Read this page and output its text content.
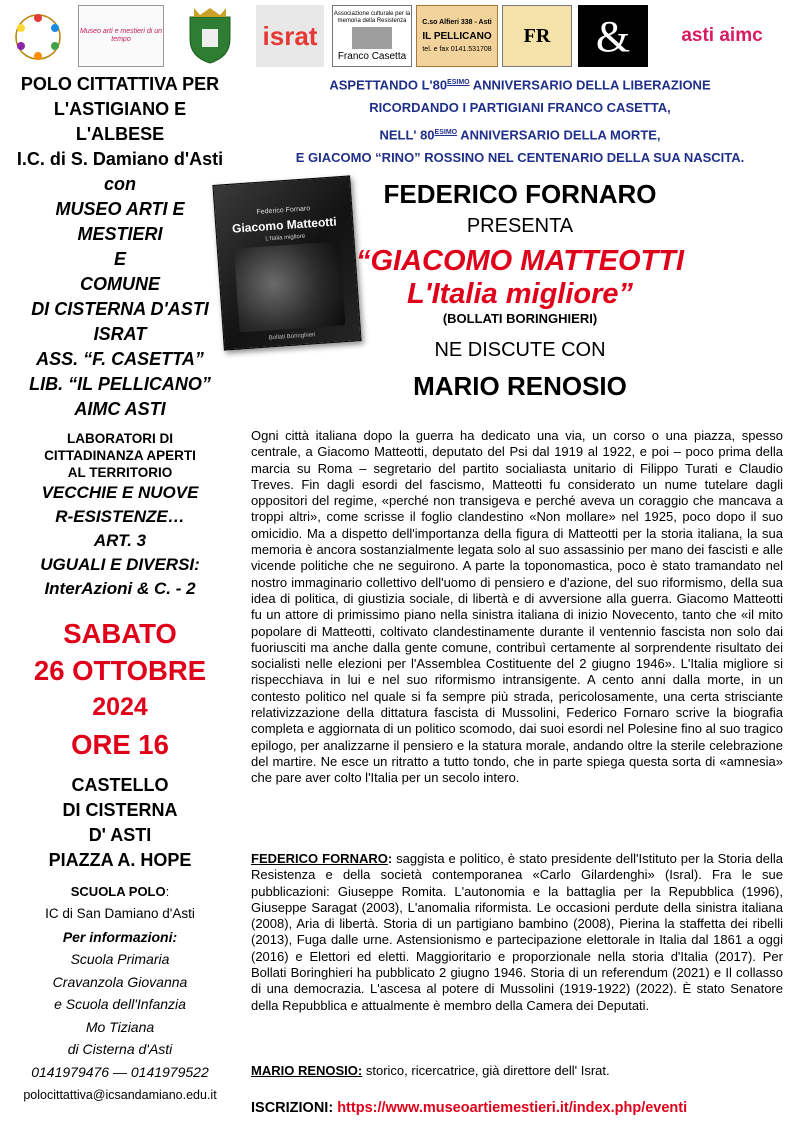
Museo arti e mestieri di un tempo	israt
Associazione culturale per la memoria della Resistenza
Franco Casetta
C.so Alfieri 338 - Asti
IL PELLICANO
tel. e fax 0141.531708
FR &	asti aimc
POLO CITTATTIVA PER
L'ASTIGIANO E
L'ALBESE
I.C. di S. Damiano d'Asti
con
MUSEO ARTI E
MESTIERI
E
COMUNE
DI CISTERNA D'ASTI
ISRAT
ASS. “F. CASETTA”
LIB. “IL PELLICANO”
AIMC ASTI
LABORATORI DI
CITTADINANZA APERTI
AL TERRITORIO
VECCHIE E NUOVE
R-ESISTENZE…
ART. 3
UGUALI E DIVERSI:
InterAzioni & C. - 2
SABATO
26 OTTOBRE
2024
ORE 16
CASTELLO
DI CISTERNA
D' ASTI
PIAZZA A. HOPE
SCUOLA POLO:
IC di San Damiano d'Asti
Per informazioni:
Scuola Primaria
Cravanzola Giovanna
e Scuola dell'Infanzia
Mo Tiziana
di Cisterna d'Asti
0141979476 — 0141979522
polocittattiva@icsandamiano.edu.it
ASPETTANDO $L'80^{ESIMO}$ ANNIVERSARIO DELLA LIBERAZIONE
RICORDANDO I PARTIGIANI FRANCO CASETTA,
NELL' $80^{ESIMO}$ ANNIVERSARIO DELLA MORTE,
E GIACOMO “RINO” ROSSINO NEL CENTENARIO DELLA SUA NASCITA.
Federico Fornaro
Giacomo Matteotti
L'Italia migliore
Bollati Boringhieri
FEDERICO FORNARO
PRESENTA
“GIACOMO MATTEOTTI
L'Italia migliore”
(BOLLATI BORINGHIERI)
NE DISCUTE CON
MARIO RENOSIO
Ogni città italiana dopo la guerra ha dedicato una via, un corso o una piazza, spesso centrale, a Giacomo Matteotti, deputato del Psi dal 1919 al 1922, e poi – poco prima della marcia su Roma – segretario del partito socialiasta unitario di Filippo Turati e Claudio Treves. Fin dagli esordi del fascismo, Matteotti fu considerato un nume tutelare dagli oppositori del regime, «perché non transigeva e perché aveva un coraggio che mancava a troppi altri», come scrisse il foglio clandestino «Non mollare» nel 1925, poco dopo il suo omicidio. Ma a dispetto dell'importanza della figura di Matteotti per la storia italiana, la sua memoria è ancora sostanzialmente legata solo al suo assassinio per mano dei fascisti e alle vicende politiche che ne seguirono. A parte la toponomastica, poco è stato tramandato nel nostro immaginario collettivo dell'uomo di pensiero e d'azione, del suo riformismo, della sua idea di politica, di giustizia sociale, di libertà e di avversione alla guerra. Giacomo Matteotti fu un attore di primissimo piano nella sinistra italiana di inizio Novecento, tanto che «il mito popolare di Matteotti, coltivato clandestinamente durante il ventennio fascista non solo dai fuoriusciti ma anche dalla gente comune, contribuì certamente al sorprendente risultato dei socialisti nelle elezioni per l'Assemblea Costituente del 2 giugno 1946». L'Italia migliore si rispecchiava in lui e nel suo riformismo intransigente. A cento anni dalla morte, in un contesto politico nel quale si fa sempre più strada, pericolosamente, una certa strisciante relativizzazione della dittatura fascista di Mussolini, Federico Fornaro scrive la biografia completa e aggiornata di un politico scomodo, dai suoi esordi nel Polesine fino al suo tragico epilogo, per analizzarne il pensiero e la statura morale, andando oltre la sterile celebrazione del martire. Ne esce un ritratto a tutto tondo, che in parte spiega questa sorta di «amnesia» che pare aver colto l'Italia per un secolo intero.
FEDERICO FORNARO: saggista e politico, è stato presidente dell'Istituto per la Storia della Resistenza e della società contemporanea «Carlo Gilardenghi» (Isral). Fra le sue pubblicazioni: Giuseppe Romita. L'autonomia e la battaglia per la Repubblica (1996), Giuseppe Saragat (2003), L'anomalia riformista. Le occasioni perdute della sinistra italiana (2008), Aria di libertà. Storia di un partigiano bambino (2008), Pierina la staffetta dei ribelli (2013), Fuga dalle urne. Astensionismo e partecipazione elettorale in Italia dal 1861 a oggi (2016) e Elettori ed eletti. Maggioritario e proporzionale nella storia d'Italia (2017). Per Bollati Boringhieri ha pubblicato 2 giugno 1946. Storia di un referendum (2021) e Il collasso di una democrazia. L'ascesa al potere di Mussolini (1919-1922) (2022). È stato Senatore della Repubblica e attualmente è membro della Camera dei Deputati.
MARIO RENOSIO: storico, ricercatrice, già direttore dell' Israt.
ISCRIZIONI: https://www.museoartiemestieri.it/index.php/eventi
